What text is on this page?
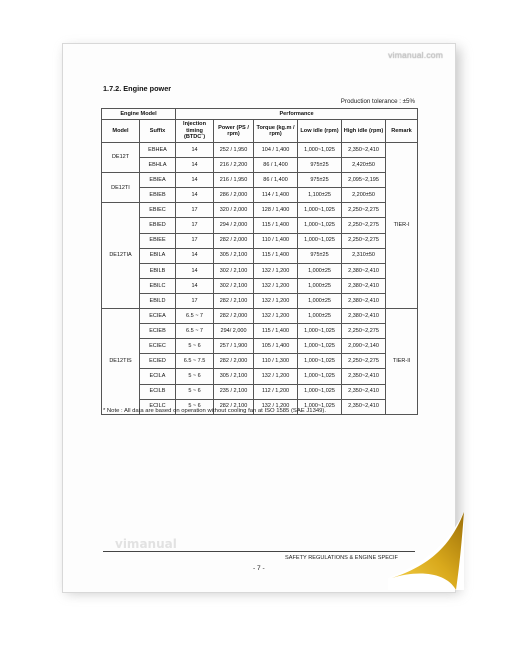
vimanual.com
1.7.2. Engine power
Production tolerance : ±5%
Engine Model		Performance					
Model	Suffix	Injection timing (BTDC˚)	Power (PS / rpm)	Torque (kg.m / rpm)	Low idle (rpm)	High idle (rpm)	Remark
DE12T	EBHEA	14	252 / 1,950	104 / 1,400	1,000~1,025	2,350~2,410	TIER-I
	EBHLA	14	216 / 2,200	86 / 1,400	975±25	2,420±50	
DE12TI	EBIEA	14	216 / 1,950	86 / 1,400	975±25	2,095~2,195	
	EBIEB	14	286 / 2,000	114 / 1,400	1,100±25	2,200±50	
DE12TIA	EBIEC	17	320 / 2,000	128 / 1,400	1,000~1,025	2,250~2,275	
	EBIED	17	294 / 2,000	115 / 1,400	1,000~1,025	2,250~2,275	
	EBIEE	17	282 / 2,000	110 / 1,400	1,000~1,025	2,250~2,275	
	EBILA	14	305 / 2,100	115 / 1,400	975±25	2,310±50	
	EBILB	14	302 / 2,100	132 / 1,200	1,000±25	2,380~2,410	
	EBILC	14	302 / 2,100	132 / 1,200	1,000±25	2,380~2,410	
	EBILD	17	282 / 2,100	132 / 1,200	1,000±25	2,380~2,410	
DE12TIS	ECIEA	6.5 ~ 7	282 / 2,000	132 / 1,200	1,000±25	2,380~2,410	TIER-II
	ECIEB	6.5 ~ 7	294/ 2,000	115 / 1,400	1,000~1,025	2,250~2,275	
	ECIEC	5 ~ 6	257 / 1,900	105 / 1,400	1,000~1,025	2,090~2,140	
	ECIED	6.5 ~ 7.5	282 / 2,000	110 / 1,300	1,000~1,025	2,250~2,275	
	ECILA	5 ~ 6	305 / 2,100	132 / 1,200	1,000~1,025	2,350~2,410	
	ECILB	5 ~ 6	235 / 2,100	112 / 1,200	1,000~1,025	2,350~2,410	
	ECILC	5 ~ 6	282 / 2,100	132 / 1,200	1,000~1,025	2,350~2,410	
* Note : All data are based on operation without cooling fan at ISO 1585 (SAE J1349).
vimanual
SAFETY REGULATIONS & ENGINE SPECIF
- 7 -
